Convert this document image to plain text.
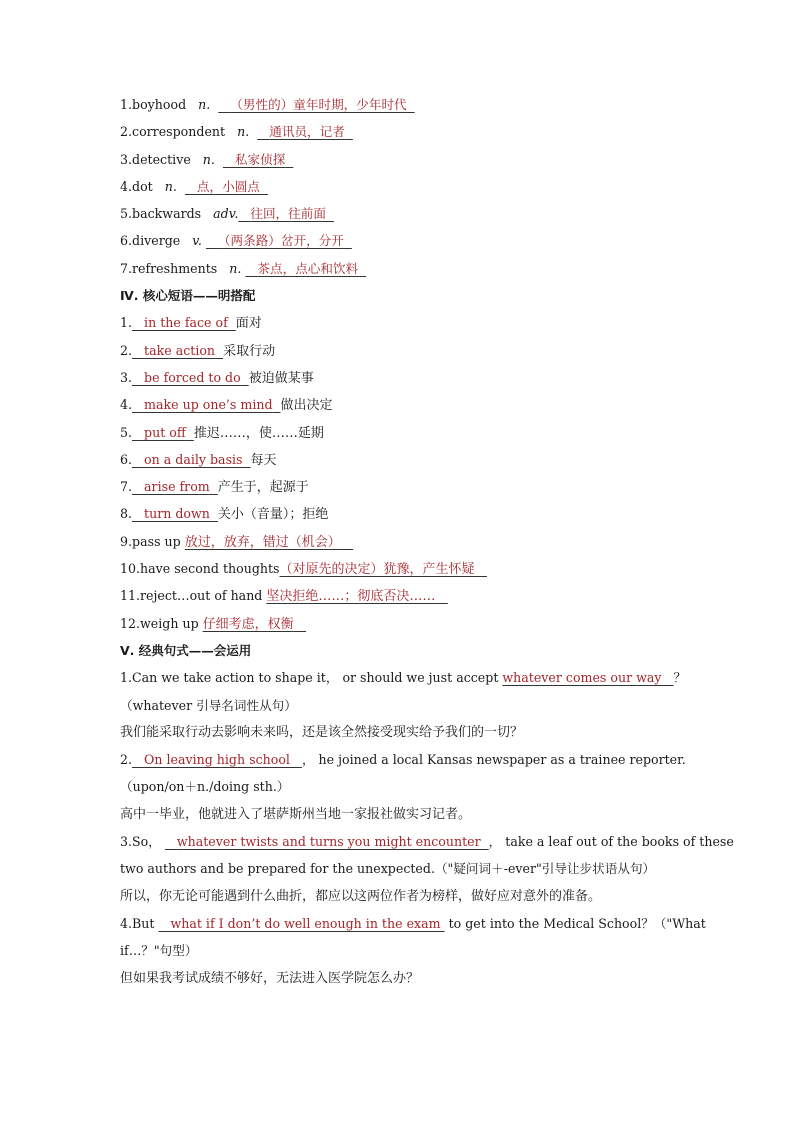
1.boyhood n. （男性的）童年时期，少年时代
2.correspondent n. 通讯员，记者
3.detective n. 私家侦探
4.dot n. 点，小圆点
5.backwards adv. 往回，往前面
6.diverge v. （两条路）岔开，分开
7.refreshments n. 茶点，点心和饮料
Ⅳ. 核心短语——明搭配
1. in the face of 面对
2. take action 采取行动
3. be forced to do 被迫做某事
4. make up one’s mind 做出决定
5. put off 推迟……，使……延期
6. on a daily basis 每天
7. arise from 产生于，起源于
8. turn down 关小（音量）；拒绝
9.pass up 放过，放弃，错过（机会）
10.have second thoughts（对原先的决定）犹豫，产生怀疑
11.reject…out of hand 坚决拒绝……；彻底否决……
12.weigh up 仔细考虑，权衡
Ⅴ. 经典句式——会运用
1.Can we take action to shape it， or should we just accept whatever comes our way ？
（whatever 引导名词性从句）
我们能采取行动去影响未来吗，还是该全然接受现实给予我们的一切？
2. On leaving high school ， he joined a local Kansas newspaper as a trainee reporter.
（upon/on＋n./doing sth.）
高中一毕业，他就进入了堪萨斯州当地一家报社做实习记者。
3.So，    whatever twists and turns you might encounter ， take a leaf out of the books of these
two authors and be prepared for the unexpected.（"疑问词＋-ever"引导让步状语从句）
所以，你无论可能遇到什么曲折，都应以这两位作者为榜样，做好应对意外的准备。
4.But    what if I don’t do well enough in the exam  to get into the Medical School？（"What
if…？"句型）
但如果我考试成绩不够好，无法进入医学院怎么办？
